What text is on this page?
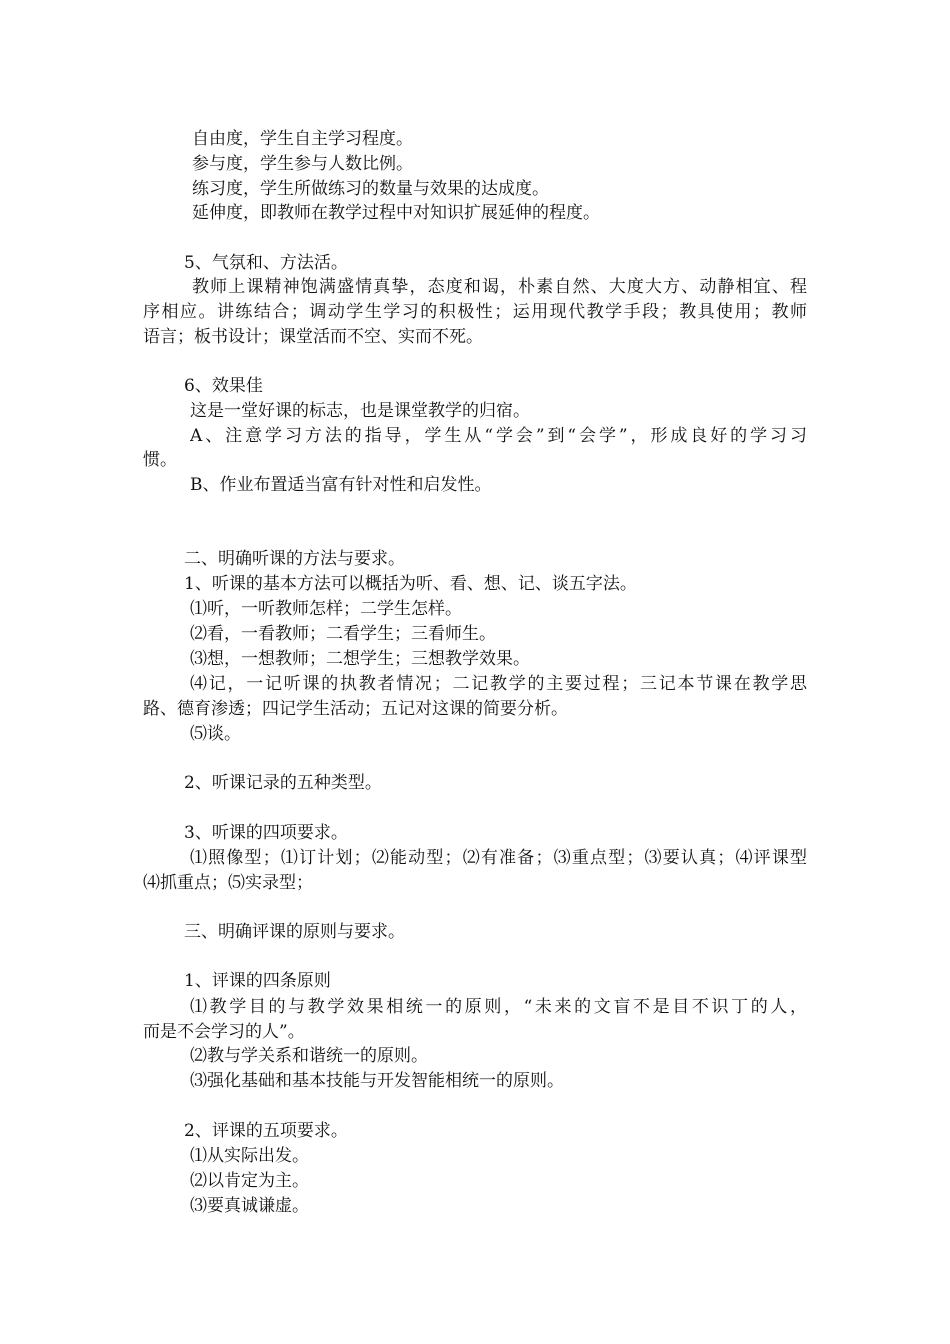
自由度，学生自主学习程度。
参与度，学生参与人数比例。
练习度，学生所做练习的数量与效果的达成度。
延伸度，即教师在教学过程中对知识扩展延伸的程度。
5、气氛和、方法活。
教师上课精神饱满盛情真挚，态度和谒，朴素自然、大度大方、动静相宜、程
序相应。讲练结合；调动学生学习的积极性；运用现代教学手段；教具使用；教师
语言；板书设计；课堂活而不空、实而不死。
6、效果佳
这是一堂好课的标志，也是课堂教学的归宿。
A、注意学习方法的指导，学生从“学会”到“会学”，形成良好的学习习
惯。
B、作业布置适当富有针对性和启发性。
二、明确听课的方法与要求。
1、听课的基本方法可以概括为听、看、想、记、谈五字法。
⑴听，一听教师怎样；二学生怎样。
⑵看，一看教师；二看学生；三看师生。
⑶想，一想教师；二想学生；三想教学效果。
⑷记，一记听课的执教者情况；二记教学的主要过程；三记本节课在教学思
路、德育渗透；四记学生活动；五记对这课的简要分析。
⑸谈。
2、听课记录的五种类型。
3、听课的四项要求。
⑴照像型；⑴订计划；⑵能动型；⑵有准备；⑶重点型；⑶要认真；⑷评课型
⑷抓重点；⑸实录型；
三、明确评课的原则与要求。
1、评课的四条原则
⑴教学目的与教学效果相统一的原则，“未来的文盲不是目不识丁的人，
而是不会学习的人”。
⑵教与学关系和谐统一的原则。
⑶强化基础和基本技能与开发智能相统一的原则。
2、评课的五项要求。
⑴从实际出发。
⑵以肯定为主。
⑶要真诚谦虚。
